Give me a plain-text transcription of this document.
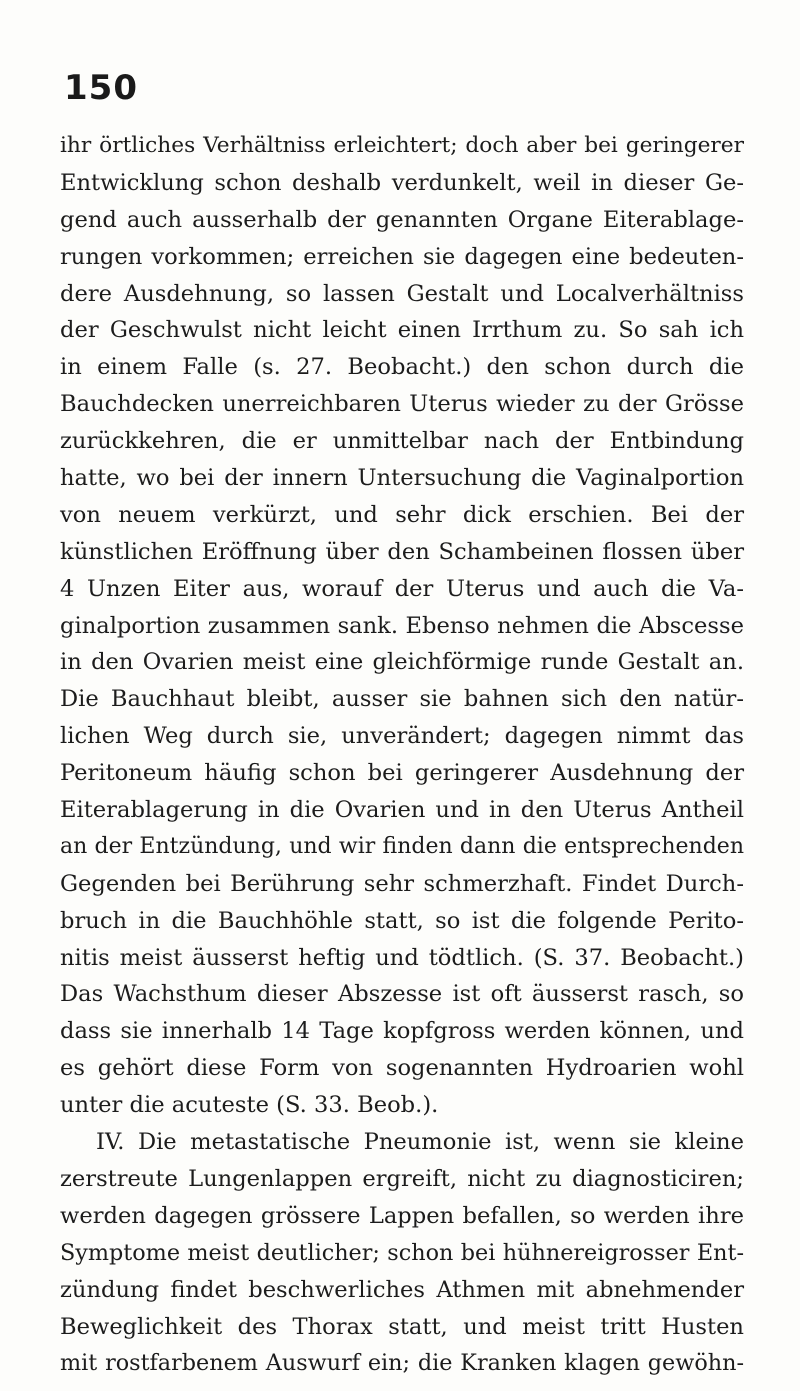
150
ihr örtliches Verhältniss erleichtert; doch aber bei geringerer
Entwicklung schon deshalb verdunkelt, weil in dieser Ge-
gend auch ausserhalb der genannten Organe Eiterablage-
rungen vorkommen; erreichen sie dagegen eine bedeuten-
dere Ausdehnung, so lassen Gestalt und Localverhältniss
der Geschwulst nicht leicht einen Irrthum zu. So sah ich
in einem Falle (s. 27. Beobacht.) den schon durch die
Bauchdecken unerreichbaren Uterus wieder zu der Grösse
zurückkehren, die er unmittelbar nach der Entbindung
hatte, wo bei der innern Untersuchung die Vaginalportion
von neuem verkürzt, und sehr dick erschien. Bei der
künstlichen Eröffnung über den Schambeinen flossen über
4 Unzen Eiter aus, worauf der Uterus und auch die Va-
ginalportion zusammen sank. Ebenso nehmen die Abscesse
in den Ovarien meist eine gleichförmige runde Gestalt an.
Die Bauchhaut bleibt, ausser sie bahnen sich den natür-
lichen Weg durch sie, unverändert; dagegen nimmt das
Peritoneum häufig schon bei geringerer Ausdehnung der
Eiterablagerung in die Ovarien und in den Uterus Antheil
an der Entzündung, und wir finden dann die entsprechenden
Gegenden bei Berührung sehr schmerzhaft. Findet Durch-
bruch in die Bauchhöhle statt, so ist die folgende Perito-
nitis meist äusserst heftig und tödtlich. (S. 37. Beobacht.)
Das Wachsthum dieser Abszesse ist oft äusserst rasch, so
dass sie innerhalb 14 Tage kopfgross werden können, und
es gehört diese Form von sogenannten Hydroarien wohl
unter die acuteste (S. 33. Beob.).
IV. Die metastatische Pneumonie ist, wenn sie kleine
zerstreute Lungenlappen ergreift, nicht zu diagnosticiren;
werden dagegen grössere Lappen befallen, so werden ihre
Symptome meist deutlicher; schon bei hühnereigrosser Ent-
zündung findet beschwerliches Athmen mit abnehmender
Beweglichkeit des Thorax statt, und meist tritt Husten
mit rostfarbenem Auswurf ein; die Kranken klagen gewöhn-
